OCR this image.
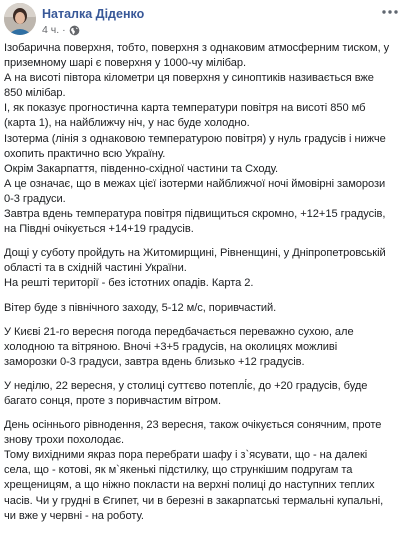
Наталка Діденко
4 ч. ·

Ізобарична поверхня, тобто, поверхня з однаковим атмосферним тиском, у
приземному шарі є поверхня у 1000-чу мілібар.
А на висоті півтора кілометри ця поверхня у синоптиків називається вже
850 мілібар.
І, як показує прогностична карта температури повітря на висоті 850 мб
(карта 1), на найближчу ніч, у нас буде холодно.
Ізотерма (лінія з однаковою температурою повітря) у нуль градусів і нижче
охопить практично всю Україну.
Окрім Закарпаття, південно-східної частини та Сходу.
А це означає, що в межах цієї ізотерми найближчої ночі ймовірні заморози
0-3 градуси.
Завтра вдень температура повітря підвищиться скромно, +12+15 градусів,
на Півдні очікується +14+19 градусів.

Дощі у суботу пройдуть на Житомирщині, Рівненщині, у Дніпропетровській
області та в східній частині України.
На решті території - без істотних опадів. Карта 2.

Вітер буде з північного заходу, 5-12 м/с, поривчастий.

У Києві 21-го вересня погода передбачається переважно сухою, але
холодною та вітряною. Вночі +3+5 градусів, на околицях можливі
заморозки 0-3 градуси, завтра вдень близько +12 градусів.

У неділю, 22 вересня, у столиці суттєво потеплі́є, до +20 градусів, буде
багато сонця, проте з поривчастим вітром.

День осіннього рівнодення, 23 вересня, також очікується сонячним, проте
знову трохи похолодає.
Тому вихідними якраз пора перебрати шафу і з`ясувати, що - на далекі
села, що - котові, як м`якенькі підстилку, що стрункішим подругам та
хрещеницям, а що ніжно покласти на верхні полиці до наступних теплих
часів. Чи у грудні в Єгипет, чи в березні в закарпатські термальні купальні,
чи вже у червні - на роботу.
